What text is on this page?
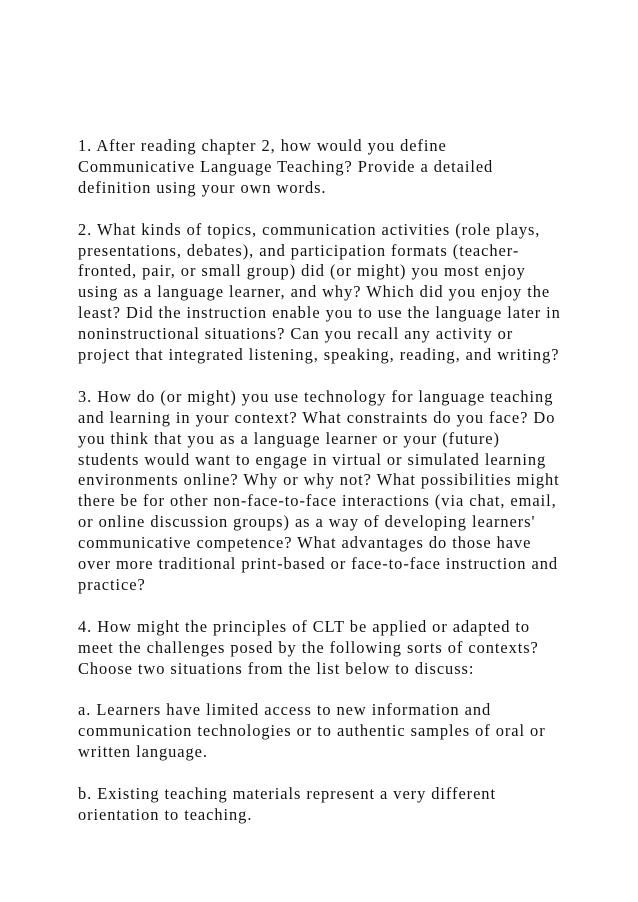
1. After reading chapter 2, how would you define
Communicative Language Teaching? Provide a detailed
definition using your own words.

2. What kinds of topics, communication activities (role plays,
presentations, debates), and participation formats (teacher-
fronted, pair, or small group) did (or might) you most enjoy
using as a language learner, and why? Which did you enjoy the
least? Did the instruction enable you to use the language later in
noninstructional situations? Can you recall any activity or
project that integrated listening, speaking, reading, and writing?

3. How do (or might) you use technology for language teaching
and learning in your context? What constraints do you face? Do
you think that you as a language learner or your (future)
students would want to engage in virtual or simulated learning
environments online? Why or why not? What possibilities might
there be for other non-face-to-face interactions (via chat, email,
or online discussion groups) as a way of developing learners'
communicative competence? What advantages do those have
over more traditional print-based or face-to-face instruction and
practice?

4. How might the principles of CLT be applied or adapted to
meet the challenges posed by the following sorts of contexts?
Choose two situations from the list below to discuss:

a. Learners have limited access to new information and
communication technologies or to authentic samples of oral or
written language.

b. Existing teaching materials represent a very different
orientation to teaching.
